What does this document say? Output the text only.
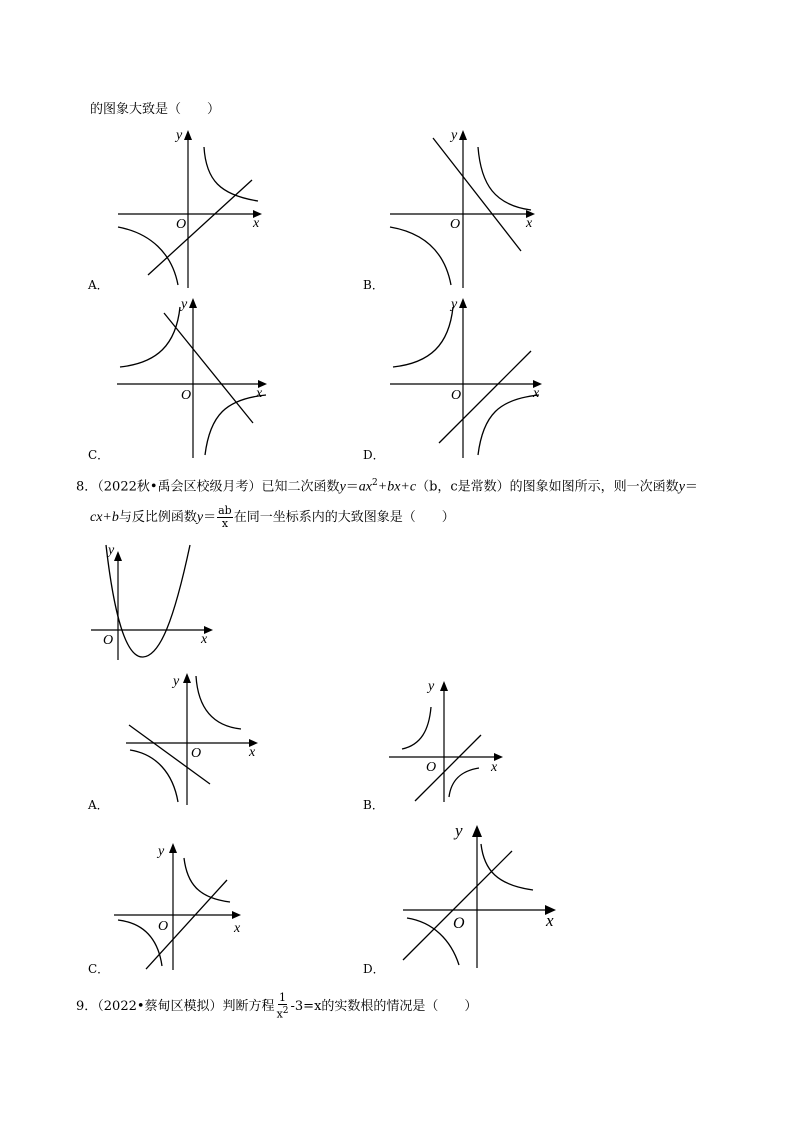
的图象大致是（　　）
y
x
O
A．
y
x
O
B．
y
x
O
C．
y
x
O
D．
8．（2022秋•禹会区校级月考）已知二次函数$y=ax^2+bx+c(b$，c是常数）的图象如图所示，则一次函数y＝
cx+b与反比例函数$y= \frac{ab}{x}$ 在同一坐标系内的大致图象是（　　）
y
x
O
y
x
O
A．
y
x
O
B．
y
x
O
C．
y
x
O
D．
9．（2022•蔡甸区模拟）判断方程 $\frac{1}{x^2} -3=x$的实数根的情况是（　　）
